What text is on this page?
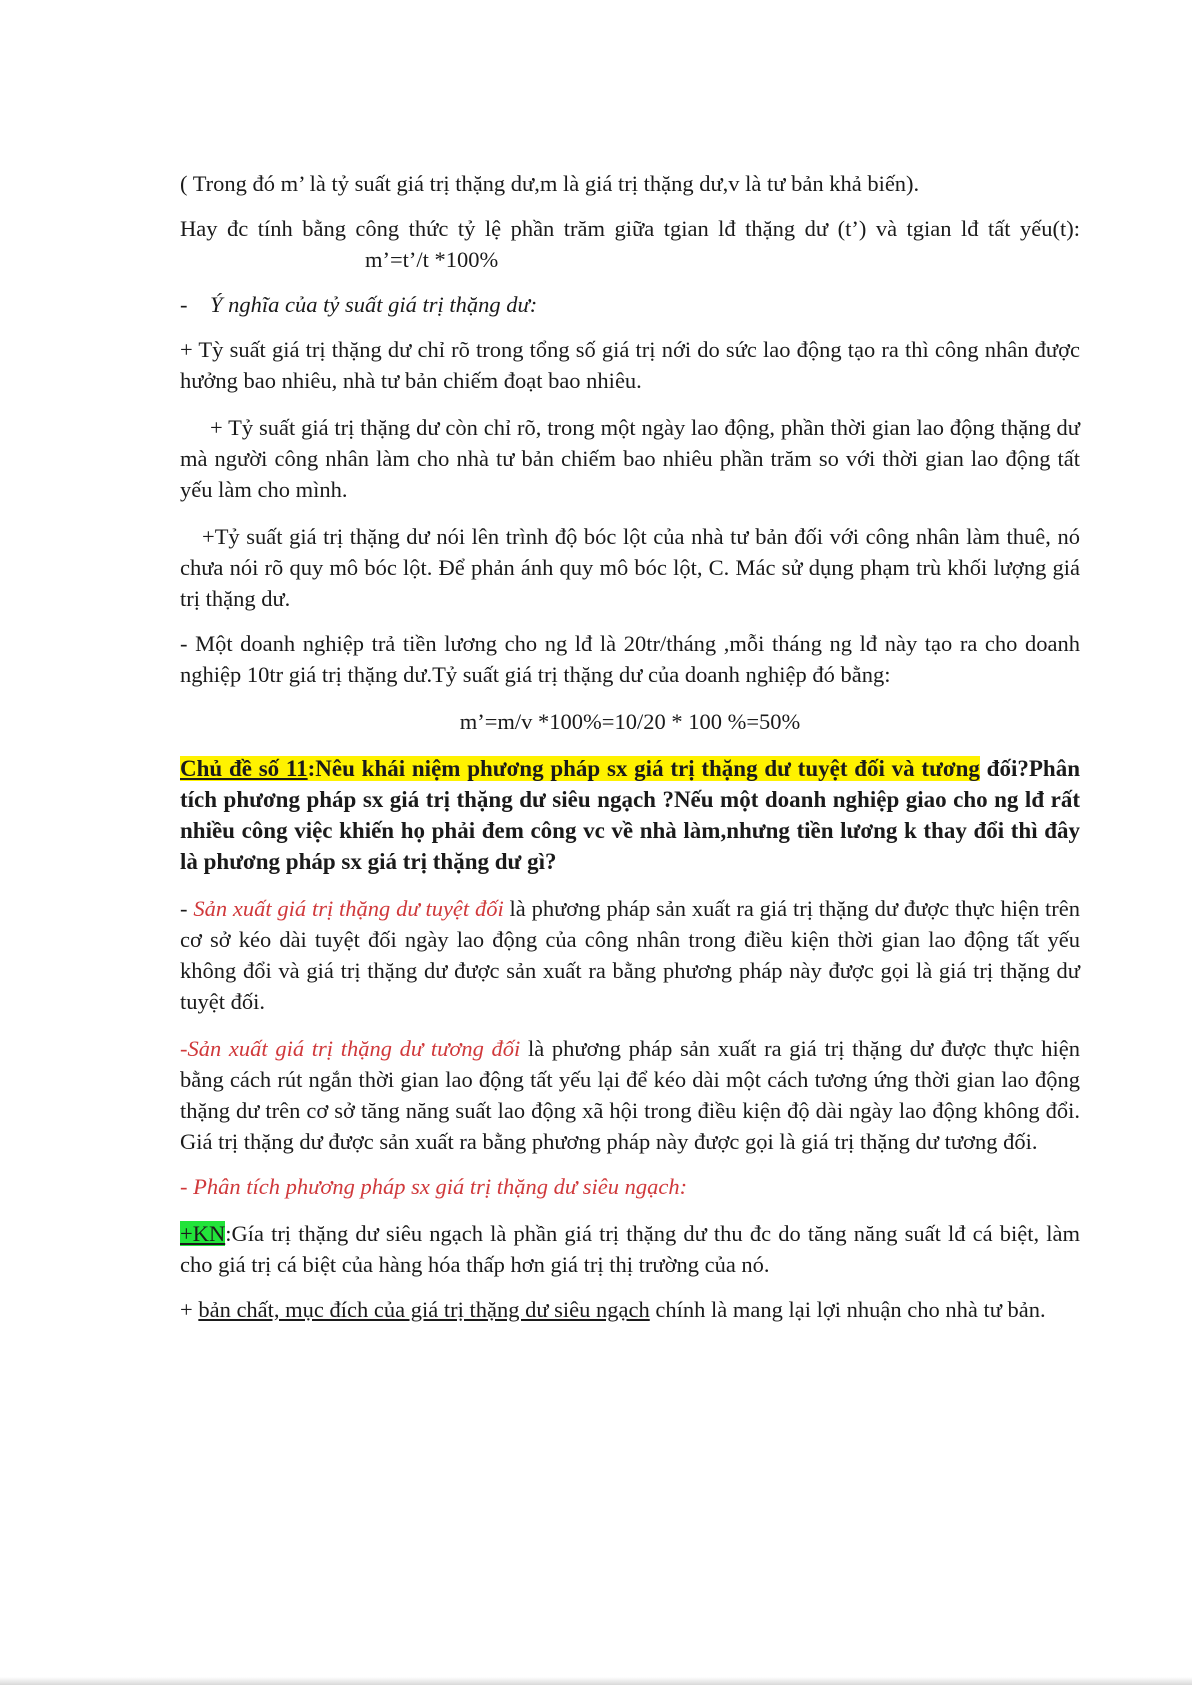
( Trong đó m’ là tỷ suất giá trị thặng dư,m là giá trị thặng dư,v là tư bản khả biến).

Hay đc tính bằng công thức tỷ lệ phần trăm giữa tgian lđ thặng dư (t’) và tgian lđ tất yếu(t):m’=t’/t *100%

- Ý nghĩa của tỷ suất giá trị thặng dư:

+ Tỳ suất giá trị thặng dư chỉ rõ trong tổng số giá trị nới do sức lao động tạo ra thì công nhân được hưởng bao nhiêu, nhà tư bản chiếm đoạt bao nhiêu.

+ Tỷ suất giá trị thặng dư còn chỉ rõ, trong một ngày lao động, phần thời gian lao động thặng dư mà người công nhân làm cho nhà tư bản chiếm bao nhiêu phần trăm so với thời gian lao động tất yếu làm cho mình.

+Tỷ suất giá trị thặng dư nói lên trình độ bóc lột của nhà tư bản đối với công nhân làm thuê, nó chưa nói rõ quy mô bóc lột. Để phản ánh quy mô bóc lột, C. Mác sử dụng phạm trù khối lượng giá trị thặng dư.

- Một doanh nghiệp trả tiền lương cho ng lđ là 20tr/tháng ,mỗi tháng ng lđ này tạo ra cho doanh nghiệp 10tr giá trị thặng dư.Tỷ suất giá trị thặng dư của doanh nghiệp đó bằng:

m’=m/v *100%=10/20 * 100 %=50%

Chủ đề số 11:Nêu khái niệm phương pháp sx giá trị thặng dư tuyệt đối và tương đối?Phân tích phương pháp sx giá trị thặng dư siêu ngạch ?Nếu một doanh nghiệp giao cho ng lđ rất nhiều công việc khiến họ phải đem công vc về nhà làm,nhưng tiền lương k thay đổi thì đây là phương pháp sx giá trị thặng dư gì?

- Sản xuất giá trị thặng dư tuyệt đối là phương pháp sản xuất ra giá trị thặng dư được thực hiện trên cơ sở kéo dài tuyệt đối ngày lao động của công nhân trong điều kiện thời gian lao động tất yếu không đổi và giá trị thặng dư được sản xuất ra bằng phương pháp này được gọi là giá trị thặng dư tuyệt đối.

-Sản xuất giá trị thặng dư tương đối là phương pháp sản xuất ra giá trị thặng dư được thực hiện bằng cách rút ngắn thời gian lao động tất yếu lại để kéo dài một cách tương ứng thời gian lao động thặng dư trên cơ sở tăng năng suất lao động xã hội trong điều kiện độ dài ngày lao động không đổi. Giá trị thặng dư được sản xuất ra bằng phương pháp này được gọi là giá trị thặng dư tương đối.

- Phân tích phương pháp sx giá trị thặng dư siêu ngạch:

+KN:Gía trị thặng dư siêu ngạch là phần giá trị thặng dư thu đc do tăng năng suất lđ cá biệt, làm cho giá trị cá biệt của hàng hóa thấp hơn giá trị thị trường của nó.

+ bản chất, mục đích của giá trị thặng dư siêu ngạch chính là mang lại lợi nhuận cho nhà tư bản.
